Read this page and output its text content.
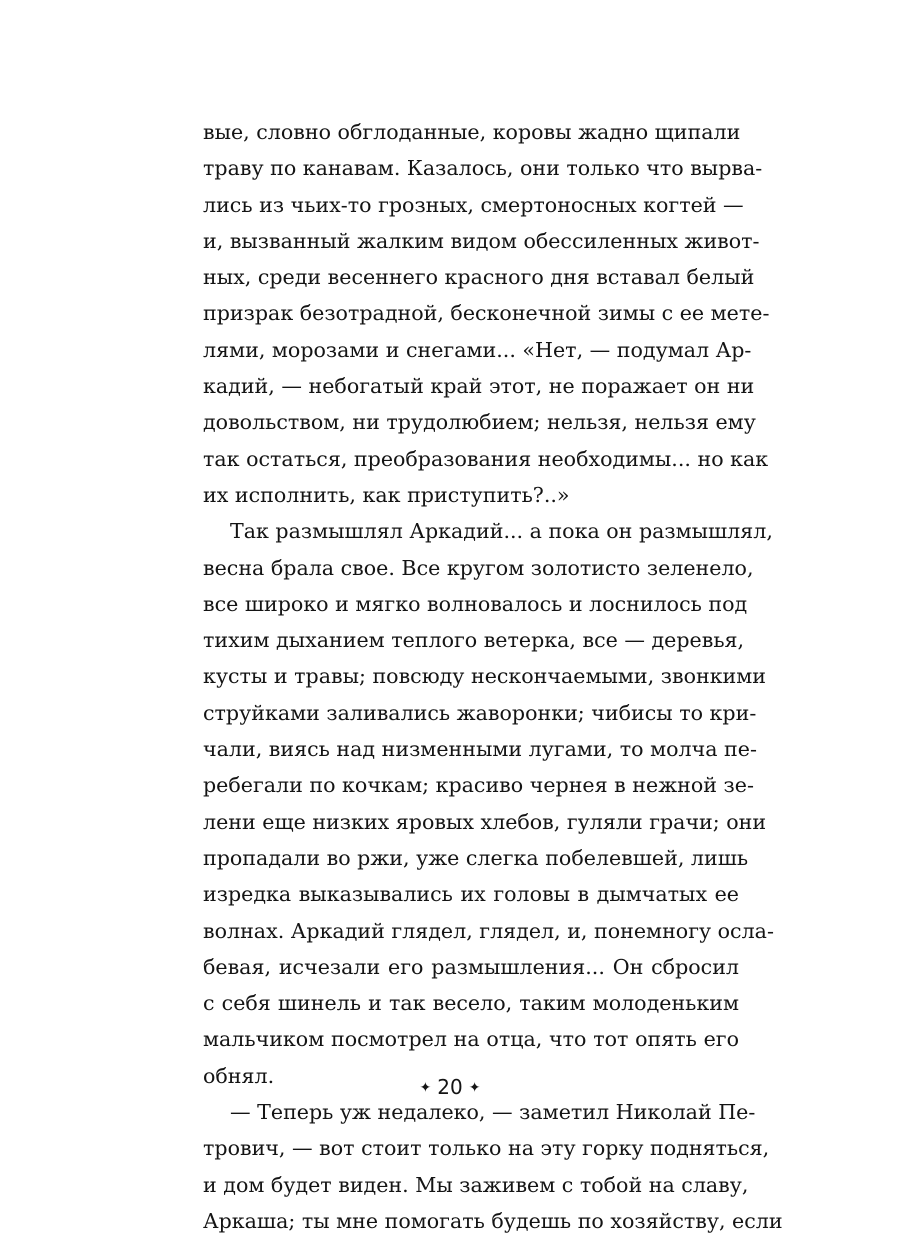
вые, словно обглоданные, коровы жадно щипали
траву по канавам. Казалось, они только что вырва-
лись из чьих-то грозных, смертоносных когтей —
и, вызванный жалким видом обессиленных живот-
ных, среди весеннего красного дня вставал белый
призрак безотрадной, бесконечной зимы с ее мете-
лями, морозами и снегами... «Нет, — подумал Ар-
кадий, — небогатый край этот, не поражает он ни
довольством, ни трудолюбием; нельзя, нельзя ему
так остаться, преобразования необходимы... но как
их исполнить, как приступить?..»
Так размышлял Аркадий... а пока он размышлял,
весна брала свое. Все кругом золотисто зеленело,
все широко и мягко волновалось и лоснилось под
тихим дыханием теплого ветерка, все — деревья,
кусты и травы; повсюду нескончаемыми, звонкими
струйками заливались жаворонки; чибисы то кри-
чали, виясь над низменными лугами, то молча пе-
ребегали по кочкам; красиво чернея в нежной зе-
лени еще низких яровых хлебов, гуляли грачи; они
пропадали во ржи, уже слегка побелевшей, лишь
изредка выказывались их головы в дымчатых ее
волнах. Аркадий глядел, глядел, и, понемногу осла-
бевая, исчезали его размышления... Он сбросил
с себя шинель и так весело, таким молоденьким
мальчиком посмотрел на отца, что тот опять его
обнял.
— Теперь уж недалеко, — заметил Николай Пе-
трович, — вот стоит только на эту горку подняться,
и дом будет виден. Мы заживем с тобой на славу,
Аркаша; ты мне помогать будешь по хозяйству, если
✦ 20 ✦
